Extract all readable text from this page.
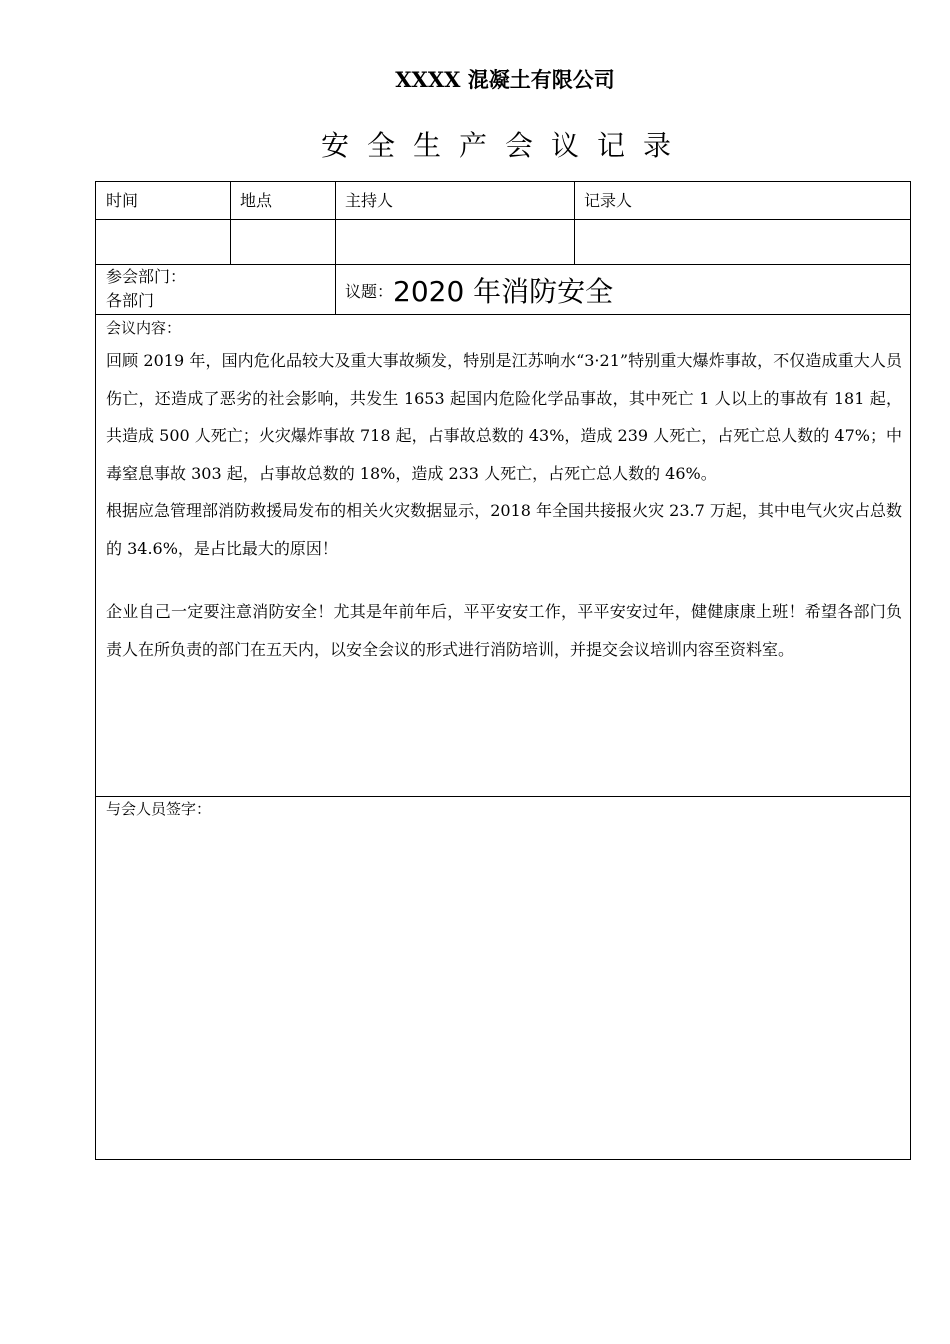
XXXX 混凝土有限公司
安全生产会议记录
时间	地点	主持人	记录人
参会部门：
各部门	议题：2020 年消防安全
会议内容：

回顾 2019 年，国内危化品较大及重大事故频发，特别是江苏响水“3·21”特别重大爆炸事故，不仅造成重大人员伤亡，还造成了恶劣的社会影响，共发生 1653 起国内危险化学品事故，其中死亡 1 人以上的事故有 181 起，共造成 500 人死亡；火灾爆炸事故 718 起，占事故总数的 43%，造成 239 人死亡，占死亡总人数的 47%；中毒窒息事故 303 起，占事故总数的 18%，造成 233 人死亡，占死亡总人数的 46%。

根据应急管理部消防救援局发布的相关火灾数据显示，2018 年全国共接报火灾 23.7 万起，其中电气火灾占总数的 34.6%，是占比最大的原因！

企业自己一定要注意消防安全！尤其是年前年后，平平安安工作，平平安安过年，健健康康上班！希望各部门负责人在所负责的部门在五天内，以安全会议的形式进行消防培训，并提交会议培训内容至资料室。

与会人员签字：
